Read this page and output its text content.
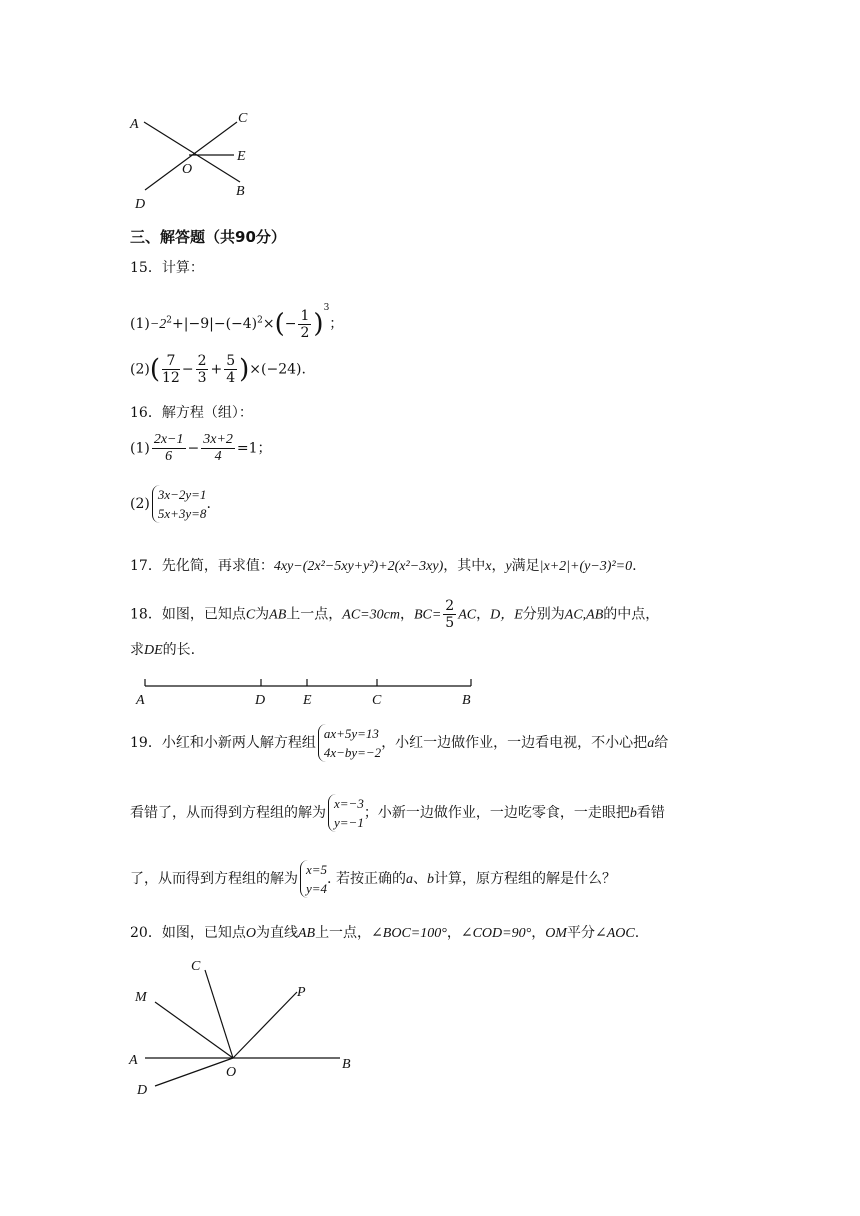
A	C
E
O
D
B
三、解答题（共90分）
15．计算：
$(1)-2^2+|-9|-(-4)^2\times(- \frac{1}{2} )^3$；
$(2)( \frac{7}{12} - \frac{2}{3} + \frac{5}{4} )\times(-24)$.
16．解方程（组）：
$(1) \frac{2x-1}{6} - \frac{3x+2}{4} =1$；
(2)
3x−2y=1
5x+3y=8
.
17．先化简，再求值：4xy−(2x²−5xy+y²)+2(x²−3xy)，其中x，y满足|x+2|+(y−3)²=0.
18．如图，已知点C为AB上一点，AC=30cm，$BC= \frac{2}{5}$ AC，D，E分别为AC,AB的中点，
求DE的长.
A	D	E	C	B
19．小红和小新两人解方程组
ax+5y=13
4x−by=−2
，小红一边做作业，一边看电视，不小心把a给
看错了，从而得到方程组的解为
x=−3
y=−1
；小新一边做作业，一边吃零食，一走眼把b看错
了，从而得到方程组的解为
x=5
y=4
. 若按正确的a、b计算，原方程组的解是什么？
20．如图，已知点O为直线AB上一点，∠BOC=100°，∠COD=90°，OM平分∠AOC.
C
M	P
A
O
B
D
